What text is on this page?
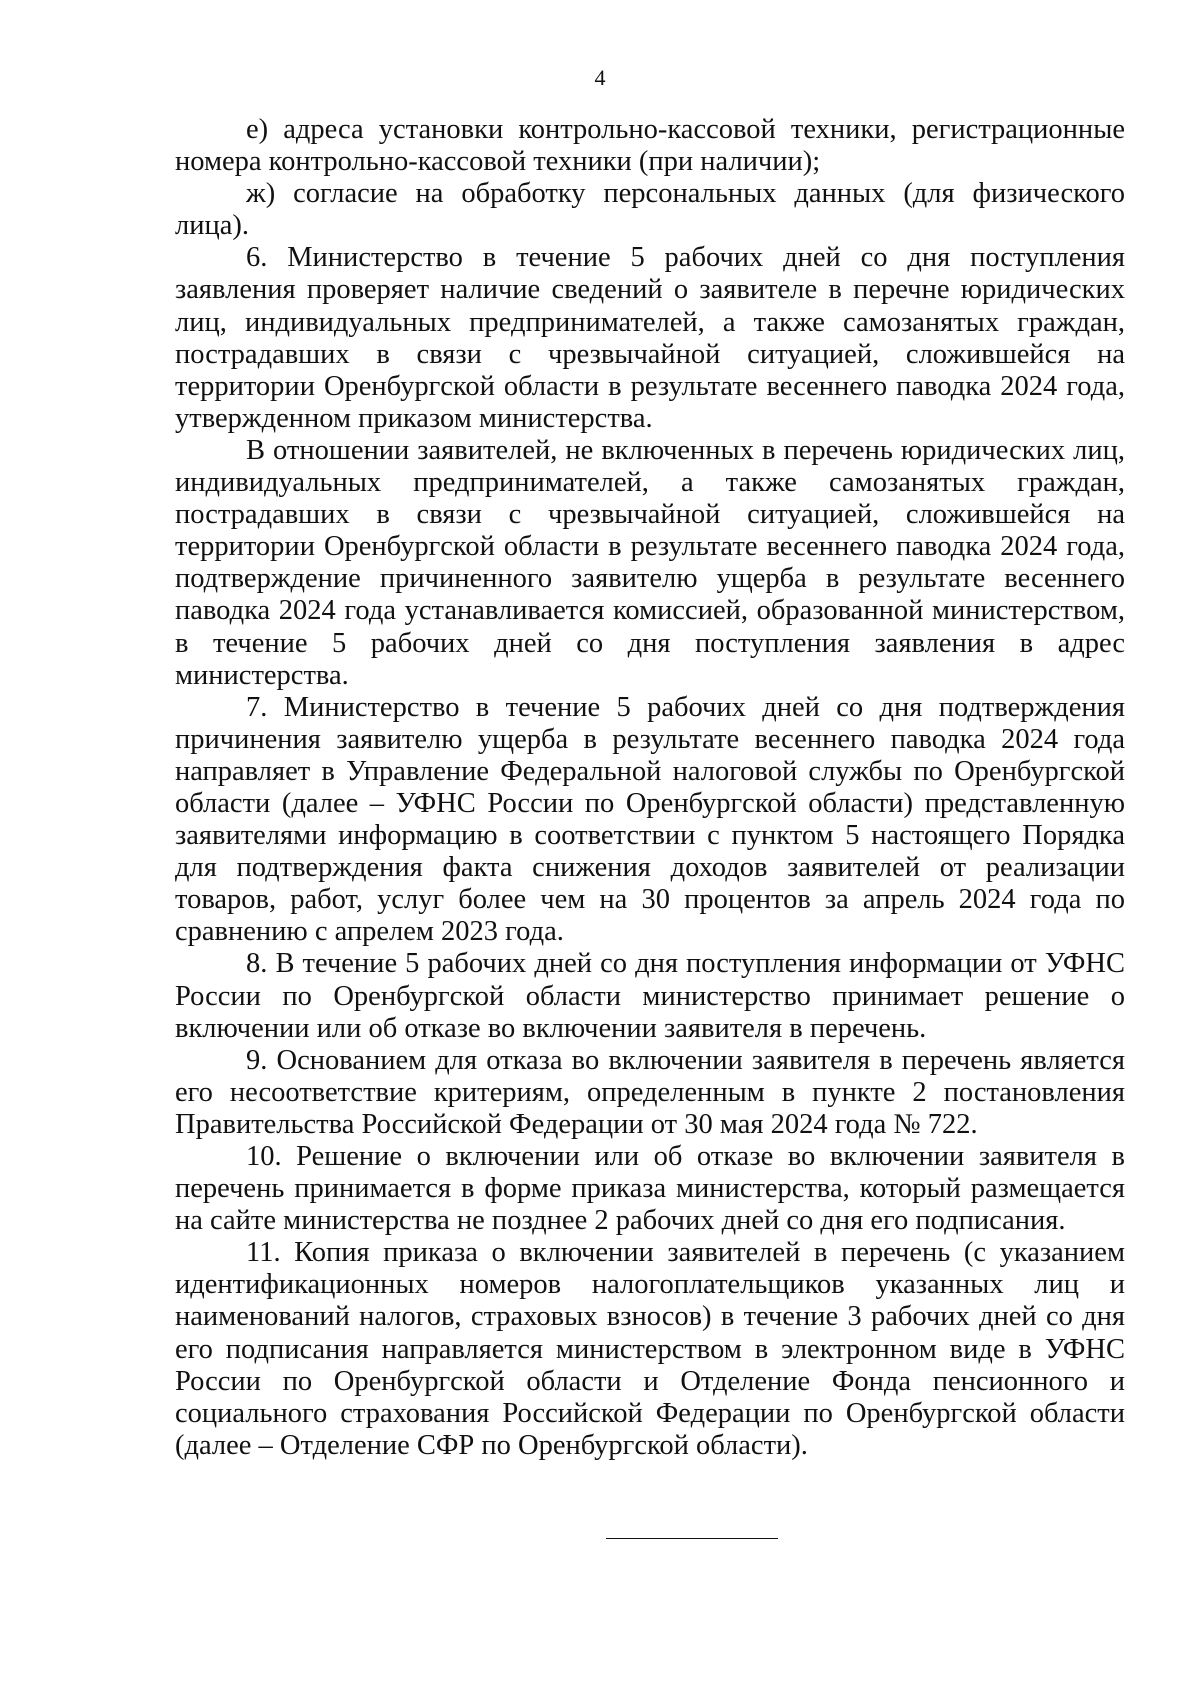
4

е) адреса установки контрольно-кассовой техники, регистрационные номера контрольно-кассовой техники (при наличии);

ж) согласие на обработку персональных данных (для физического лица).

6. Министерство в течение 5 рабочих дней со дня поступления заявления проверяет наличие сведений о заявителе в перечне юридических лиц, индивидуальных предпринимателей, а также самозанятых граждан, пострадавших в связи с чрезвычайной ситуацией, сложившейся на территории Оренбургской области в результате весеннего паводка 2024 года, утвержденном приказом министерства.

В отношении заявителей, не включенных в перечень юридических лиц, индивидуальных предпринимателей, а также самозанятых граждан, пострадавших в связи с чрезвычайной ситуацией, сложившейся на территории Оренбургской области в результате весеннего паводка 2024 года, подтверждение причиненного заявителю ущерба в результате весеннего паводка 2024 года устанавливается комиссией, образованной министерством, в течение 5 рабочих дней со дня поступления заявления в адрес министерства.

7. Министерство в течение 5 рабочих дней со дня подтверждения причинения заявителю ущерба в результате весеннего паводка 2024 года направляет в Управление Федеральной налоговой службы по Оренбургской области (далее – УФНС России по Оренбургской области) представленную заявителями информацию в соответствии с пунктом 5 настоящего Порядка для подтверждения факта снижения доходов заявителей от реализации товаров, работ, услуг более чем на 30 процентов за апрель 2024 года по сравнению с апрелем 2023 года.

8. В течение 5 рабочих дней со дня поступления информации от УФНС России по Оренбургской области министерство принимает решение о включении или об отказе во включении заявителя в перечень.

9. Основанием для отказа во включении заявителя в перечень является его несоответствие критериям, определенным в пункте 2 постановления Правительства Российской Федерации от 30 мая 2024 года № 722.

10. Решение о включении или об отказе во включении заявителя в перечень принимается в форме приказа министерства, который размещается на сайте министерства не позднее 2 рабочих дней со дня его подписания.

11. Копия приказа о включении заявителей в перечень (с указанием идентификационных номеров налогоплательщиков указанных лиц и наименований налогов, страховых взносов) в течение 3 рабочих дней со дня его подписания направляется министерством в электронном виде в УФНС России по Оренбургской области и Отделение Фонда пенсионного и социального страхования Российской Федерации по Оренбургской области (далее – Отделение СФР по Оренбургской области).
